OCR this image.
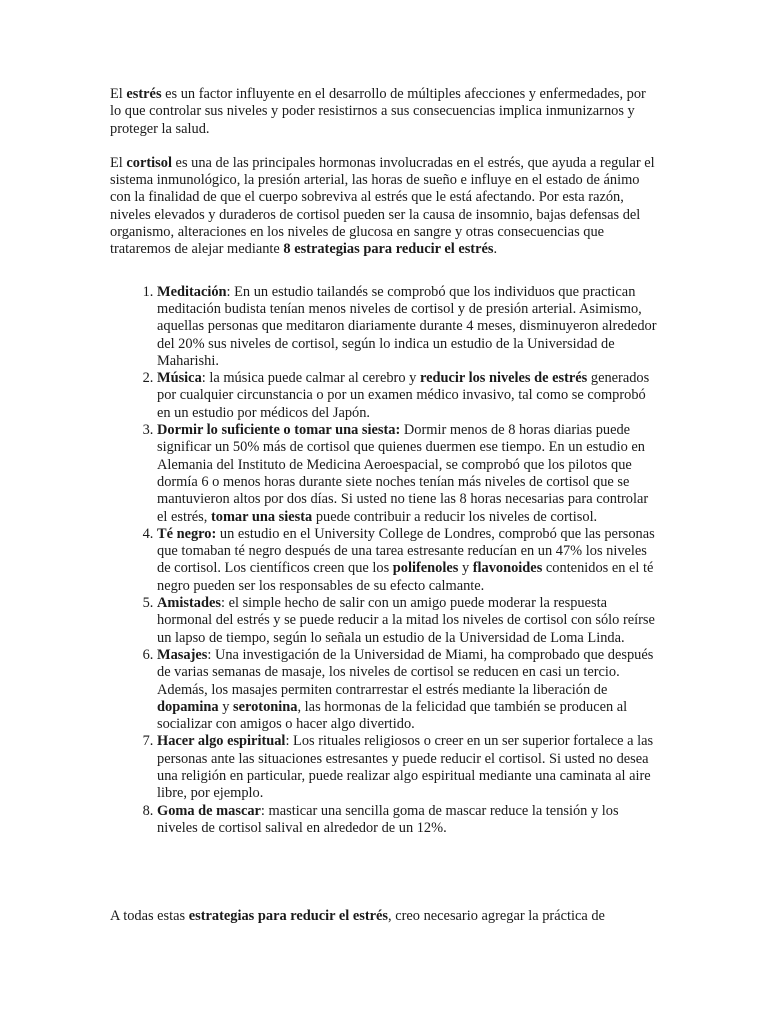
El estrés es un factor influyente en el desarrollo de múltiples afecciones y enfermedades, por lo que controlar sus niveles y poder resistirnos a sus consecuencias implica inmunizarnos y proteger la salud.

El cortisol es una de las principales hormonas involucradas en el estrés, que ayuda a regular el sistema inmunológico, la presión arterial, las horas de sueño e influye en el estado de ánimo con la finalidad de que el cuerpo sobreviva al estrés que le está afectando. Por esta razón, niveles elevados y duraderos de cortisol pueden ser la causa de insomnio, bajas defensas del organismo, alteraciones en los niveles de glucosa en sangre y otras consecuencias que trataremos de alejar mediante 8 estrategias para reducir el estrés.

1. Meditación: En un estudio tailandés se comprobó que los individuos que practican meditación budista tenían menos niveles de cortisol y de presión arterial. Asimismo, aquellas personas que meditaron diariamente durante 4 meses, disminuyeron alrededor del 20% sus niveles de cortisol, según lo indica un estudio de la Universidad de Maharishi.
2. Música: la música puede calmar al cerebro y reducir los niveles de estrés generados por cualquier circunstancia o por un examen médico invasivo, tal como se comprobó en un estudio por médicos del Japón.
3. Dormir lo suficiente o tomar una siesta: Dormir menos de 8 horas diarias puede significar un 50% más de cortisol que quienes duermen ese tiempo. En un estudio en Alemania del Instituto de Medicina Aeroespacial, se comprobó que los pilotos que dormía 6 o menos horas durante siete noches tenían más niveles de cortisol que se mantuvieron altos por dos días. Si usted no tiene las 8 horas necesarias para controlar el estrés, tomar una siesta puede contribuir a reducir los niveles de cortisol.
4. Té negro: un estudio en el University College de Londres, comprobó que las personas que tomaban té negro después de una tarea estresante reducían en un 47% los niveles de cortisol. Los científicos creen que los polifenoles y flavonoides contenidos en el té negro pueden ser los responsables de su efecto calmante.
5. Amistades: el simple hecho de salir con un amigo puede moderar la respuesta hormonal del estrés y se puede reducir a la mitad los niveles de cortisol con sólo reírse un lapso de tiempo, según lo señala un estudio de la Universidad de Loma Linda.
6. Masajes: Una investigación de la Universidad de Miami, ha comprobado que después de varias semanas de masaje, los niveles de cortisol se reducen en casi un tercio. Además, los masajes permiten contrarrestar el estrés mediante la liberación de dopamina y serotonina, las hormonas de la felicidad que también se producen al socializar con amigos o hacer algo divertido.
7. Hacer algo espiritual: Los rituales religiosos o creer en un ser superior fortalece a las personas ante las situaciones estresantes y puede reducir el cortisol. Si usted no desea una religión en particular, puede realizar algo espiritual mediante una caminata al aire libre, por ejemplo.
8. Goma de mascar: masticar una sencilla goma de mascar reduce la tensión y los niveles de cortisol salival en alrededor de un 12%.

A todas estas estrategias para reducir el estrés, creo necesario agregar la práctica de
